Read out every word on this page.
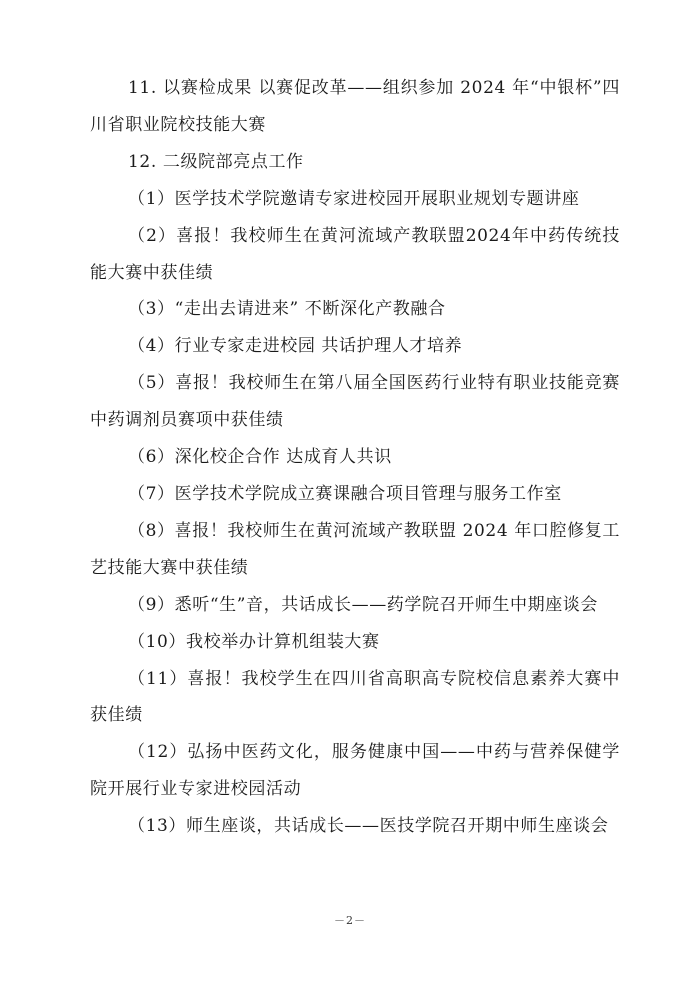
11. 以赛检成果 以赛促改革——组织参加 2024 年“中银杯”四川省职业院校技能大赛

12. 二级院部亮点工作

（1）医学技术学院邀请专家进校园开展职业规划专题讲座

（2）喜报！我校师生在黄河流域产教联盟2024年中药传统技能大赛中获佳绩

（3）“走出去请进来” 不断深化产教融合

（4）行业专家走进校园 共话护理人才培养

（5）喜报！我校师生在第八届全国医药行业特有职业技能竞赛中药调剂员赛项中获佳绩

（6）深化校企合作 达成育人共识

（7）医学技术学院成立赛课融合项目管理与服务工作室

（8）喜报！我校师生在黄河流域产教联盟 2024 年口腔修复工艺技能大赛中获佳绩

（9）悉听“生”音，共话成长——药学院召开师生中期座谈会

（10）我校举办计算机组装大赛

（11）喜报！我校学生在四川省高职高专院校信息素养大赛中获佳绩

（12）弘扬中医药文化，服务健康中国——中药与营养保健学院开展行业专家进校园活动

（13）师生座谈，共话成长——医技学院召开期中师生座谈会

－2－
